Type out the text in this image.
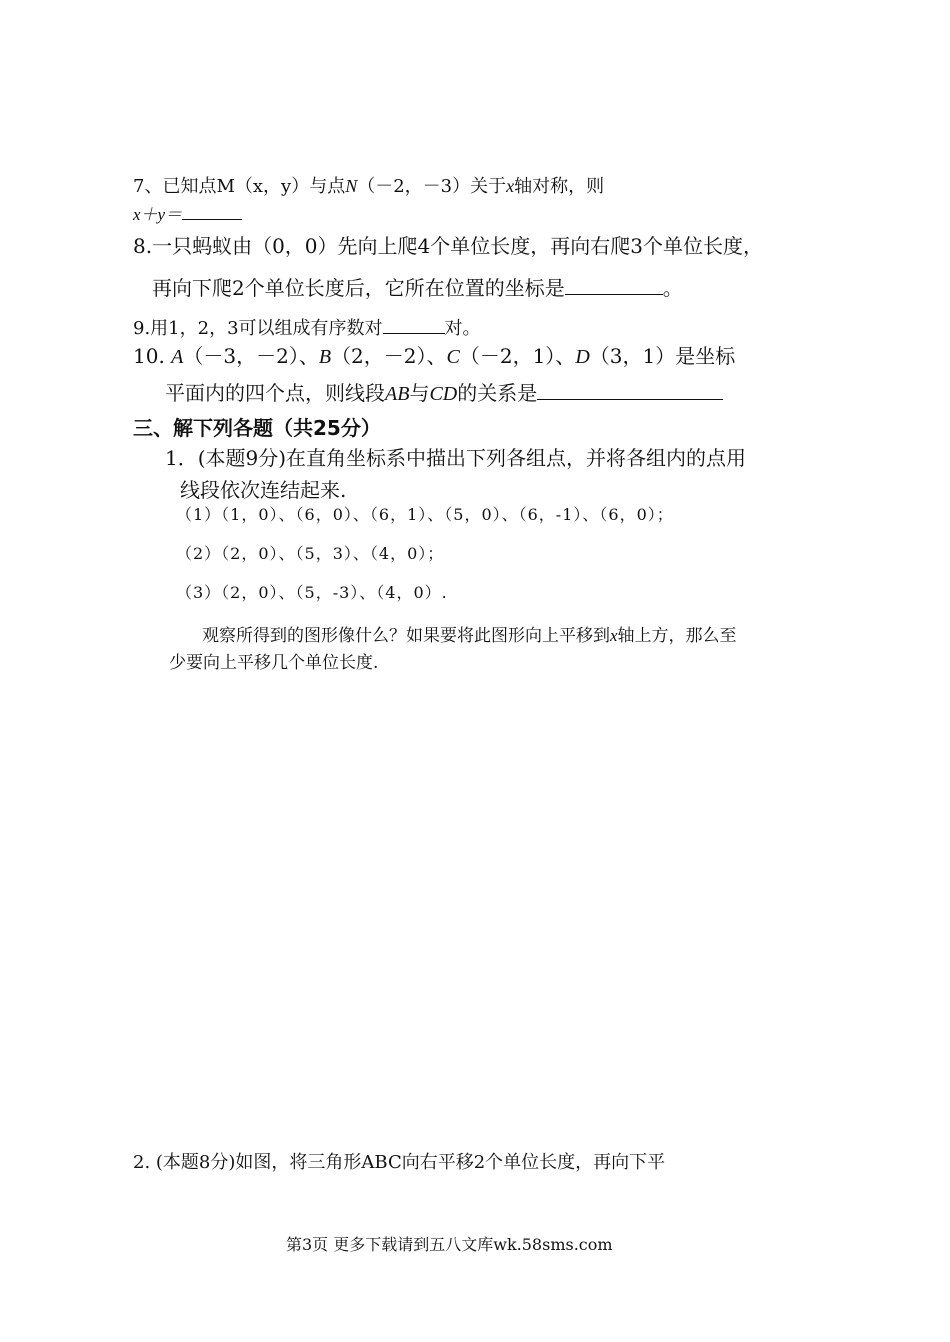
7、已知点M（x，y）与点N（－2，－3）关于x轴对称，则
x＋y＝
8.一只蚂蚁由（0，0）先向上爬4个单位长度，再向右爬3个单位长度，
再向下爬2个单位长度后，它所在位置的坐标是	。
9.用1，2，3可以组成有序数对	对。
10. A（－3，－2）、B（2，－2）、C（－2，1）、D（3，1）是坐标
平面内的四个点，则线段AB与CD的关系是
三、解下列各题（共25分）
1．(本题9分)在直角坐标系中描出下列各组点，并将各组内的点用
线段依次连结起来.
（1）（1，0）、（6，0）、（6，1）、（5，0）、（6，-1）、（6，0）；
（2）（2，0）、（5，3）、（4，0）；
（3）（2，0）、（5，-3）、（4，0）.
观察所得到的图形像什么？如果要将此图形向上平移到x轴上方，那么至
少要向上平移几个单位长度.
2. (本题8分)如图，将三角形ABC向右平移2个单位长度，再向下平
第3页 更多下载请到五八文库wk.58sms.com
